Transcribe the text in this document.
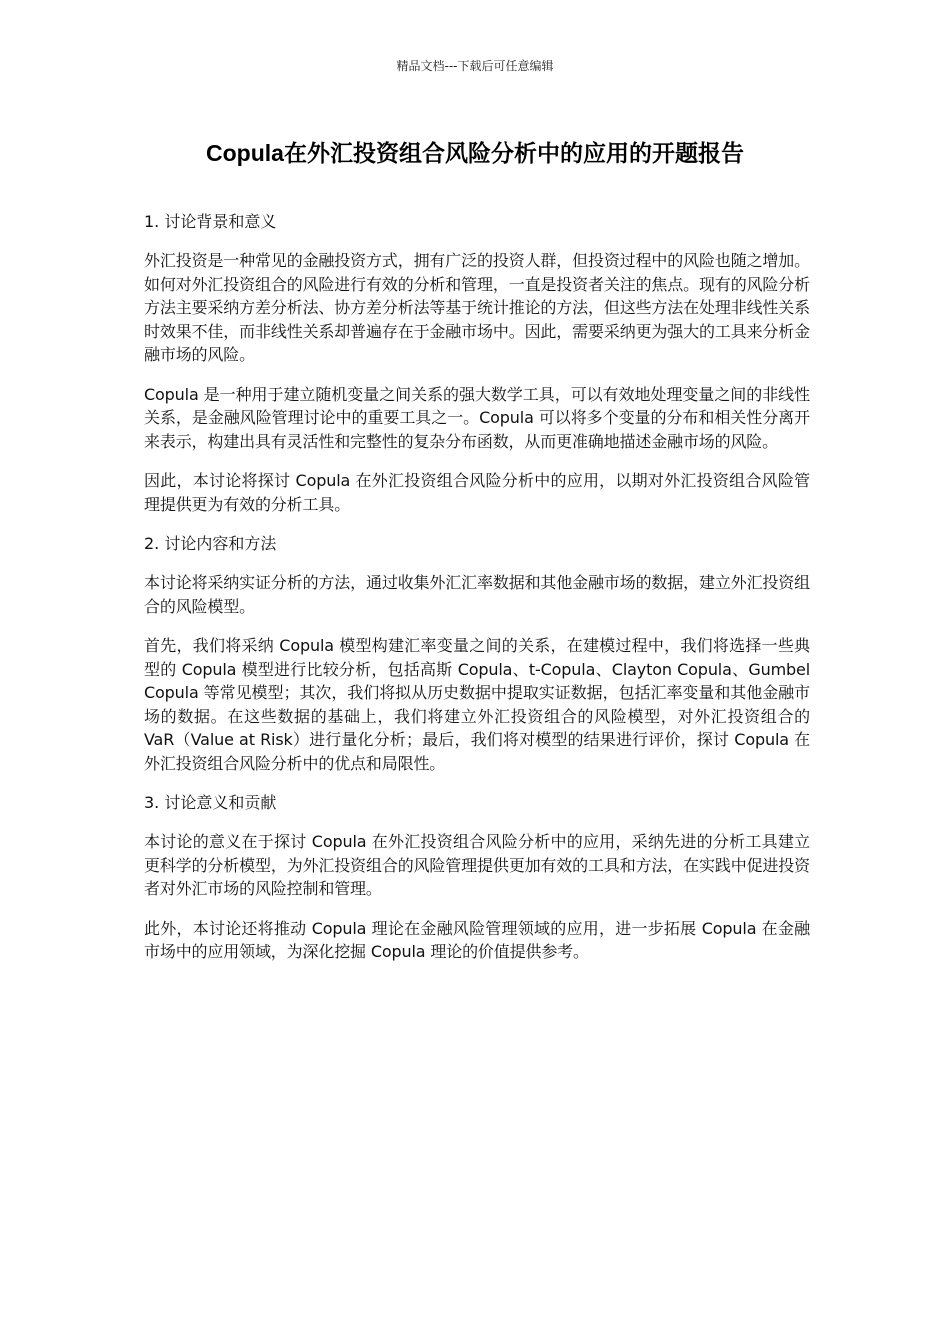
精品文档---下载后可任意编辑
Copula在外汇投资组合风险分析中的应用的开题报告

1. 讨论背景和意义

外汇投资是一种常见的金融投资方式，拥有广泛的投资人群，但投资过程中的风险也随之增加。如何对外汇投资组合的风险进行有效的分析和管理，一直是投资者关注的焦点。现有的风险分析方法主要采纳方差分析法、协方差分析法等基于统计推论的方法，但这些方法在处理非线性关系时效果不佳，而非线性关系却普遍存在于金融市场中。因此，需要采纳更为强大的工具来分析金融市场的风险。

Copula 是一种用于建立随机变量之间关系的强大数学工具，可以有效地处理变量之间的非线性关系，是金融风险管理讨论中的重要工具之一。Copula 可以将多个变量的分布和相关性分离开来表示，构建出具有灵活性和完整性的复杂分布函数，从而更准确地描述金融市场的风险。

因此，本讨论将探讨 Copula 在外汇投资组合风险分析中的应用，以期对外汇投资组合风险管理提供更为有效的分析工具。

2. 讨论内容和方法

本讨论将采纳实证分析的方法，通过收集外汇汇率数据和其他金融市场的数据，建立外汇投资组合的风险模型。

首先，我们将采纳 Copula 模型构建汇率变量之间的关系，在建模过程中，我们将选择一些典型的 Copula 模型进行比较分析，包括高斯 Copula、t-Copula、Clayton Copula、Gumbel Copula 等常见模型；其次，我们将拟从历史数据中提取实证数据，包括汇率变量和其他金融市场的数据。在这些数据的基础上，我们将建立外汇投资组合的风险模型，对外汇投资组合的 VaR（Value at Risk）进行量化分析；最后，我们将对模型的结果进行评价，探讨 Copula 在外汇投资组合风险分析中的优点和局限性。

3. 讨论意义和贡献

本讨论的意义在于探讨 Copula 在外汇投资组合风险分析中的应用，采纳先进的分析工具建立更科学的分析模型，为外汇投资组合的风险管理提供更加有效的工具和方法，在实践中促进投资者对外汇市场的风险控制和管理。

此外，本讨论还将推动 Copula 理论在金融风险管理领域的应用，进一步拓展 Copula 在金融市场中的应用领域，为深化挖掘 Copula 理论的价值提供参考。
